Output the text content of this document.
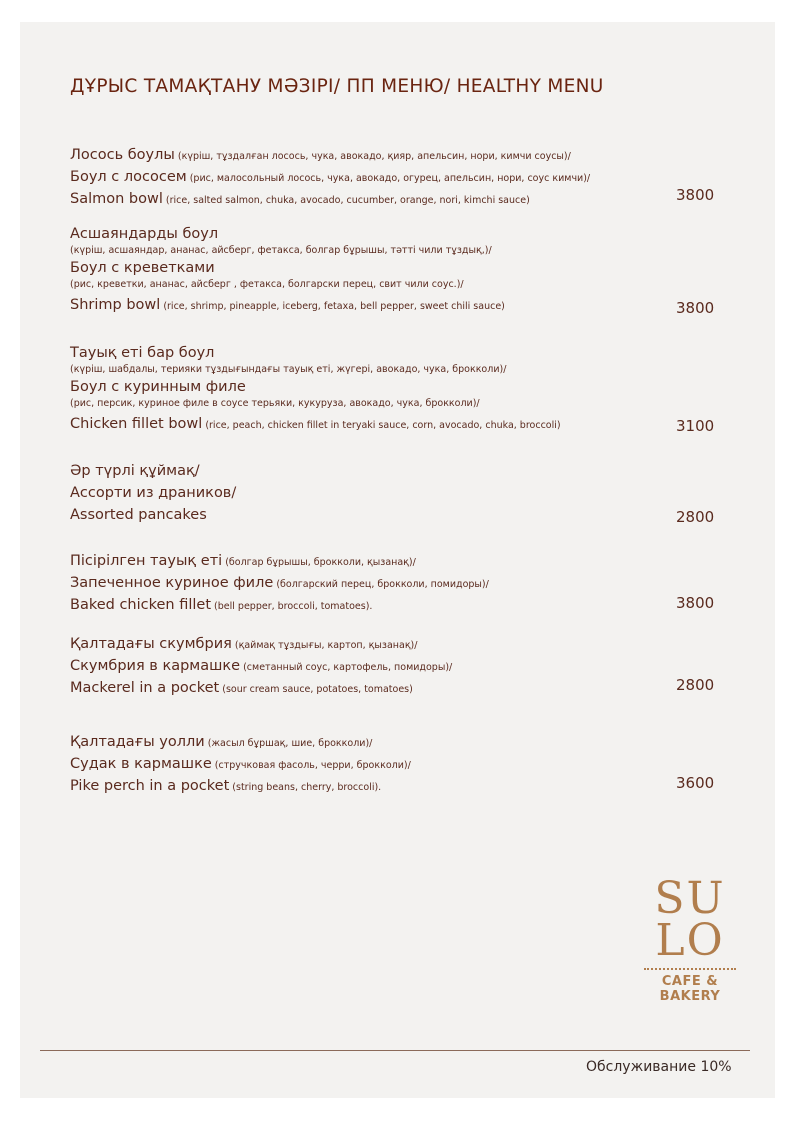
ДҰРЫС ТАМАҚТАНУ МӘЗІРІ/ ПП МЕНЮ/ HEALTHY MENU
Лосось боулы (күріш, тұздалған лосось, чука, авокадо, қияр, апельсин, нори, кимчи соусы)/
Боул с лососем (рис, малосольный лосось, чука, авокадо, огурец, апельсин, нори, соус кимчи)/
Salmon bowl (rice, salted salmon, chuka, avocado, cucumber, orange, nori, kimchi sauce)	3800
Асшаяндарды боул
(күріш, асшаяндар, ананас, айсберг, фетакса, болгар бұрышы, тәтті чили тұздық,)/
Боул с креветками
(рис, креветки, ананас, айсберг , фетакса, болгарски перец, свит чили соус.)/
Shrimp bowl (rice, shrimp, pineapple, iceberg, fetaxa, bell pepper, sweet chili sauce)	3800
Тауық еті бар боул
(күріш, шабдалы, терияки тұздығындағы тауық еті, жүгері, авокадо, чука, брокколи)/
Боул с куринным филе
(рис, персик, куриное филе в соусе терьяки, кукуруза, авокадо, чука, брокколи)/
Chicken fillet bowl (rice, peach, chicken fillet in teryaki sauce, corn, avocado, chuka, broccoli)	3100
Әр түрлі құймақ/
Ассорти из драников/
Assorted pancakes	2800
Пісірілген тауық еті (болгар бұрышы, брокколи, қызанақ)/
Запеченное куриное филе (болгарский перец, брокколи, помидоры)/
Baked chicken fillet (bell pepper, broccoli, tomatoes).	3800
Қалтадағы скумбрия (қаймақ тұздығы, картоп, қызанақ)/
Скумбрия в кармашке (сметанный соус, картофель, помидоры)/
Mackerel in a pocket (sour cream sauce, potatoes, tomatoes)	2800
Қалтадағы уолли (жасыл бұршақ, шие, брокколи)/
Судак в кармашке (стручковая фасоль, черри, брокколи)/
Pike perch in a pocket (string beans, cherry, broccoli).	3600
SU
LO
CAFE & BAKERY
Обслуживание 10%
